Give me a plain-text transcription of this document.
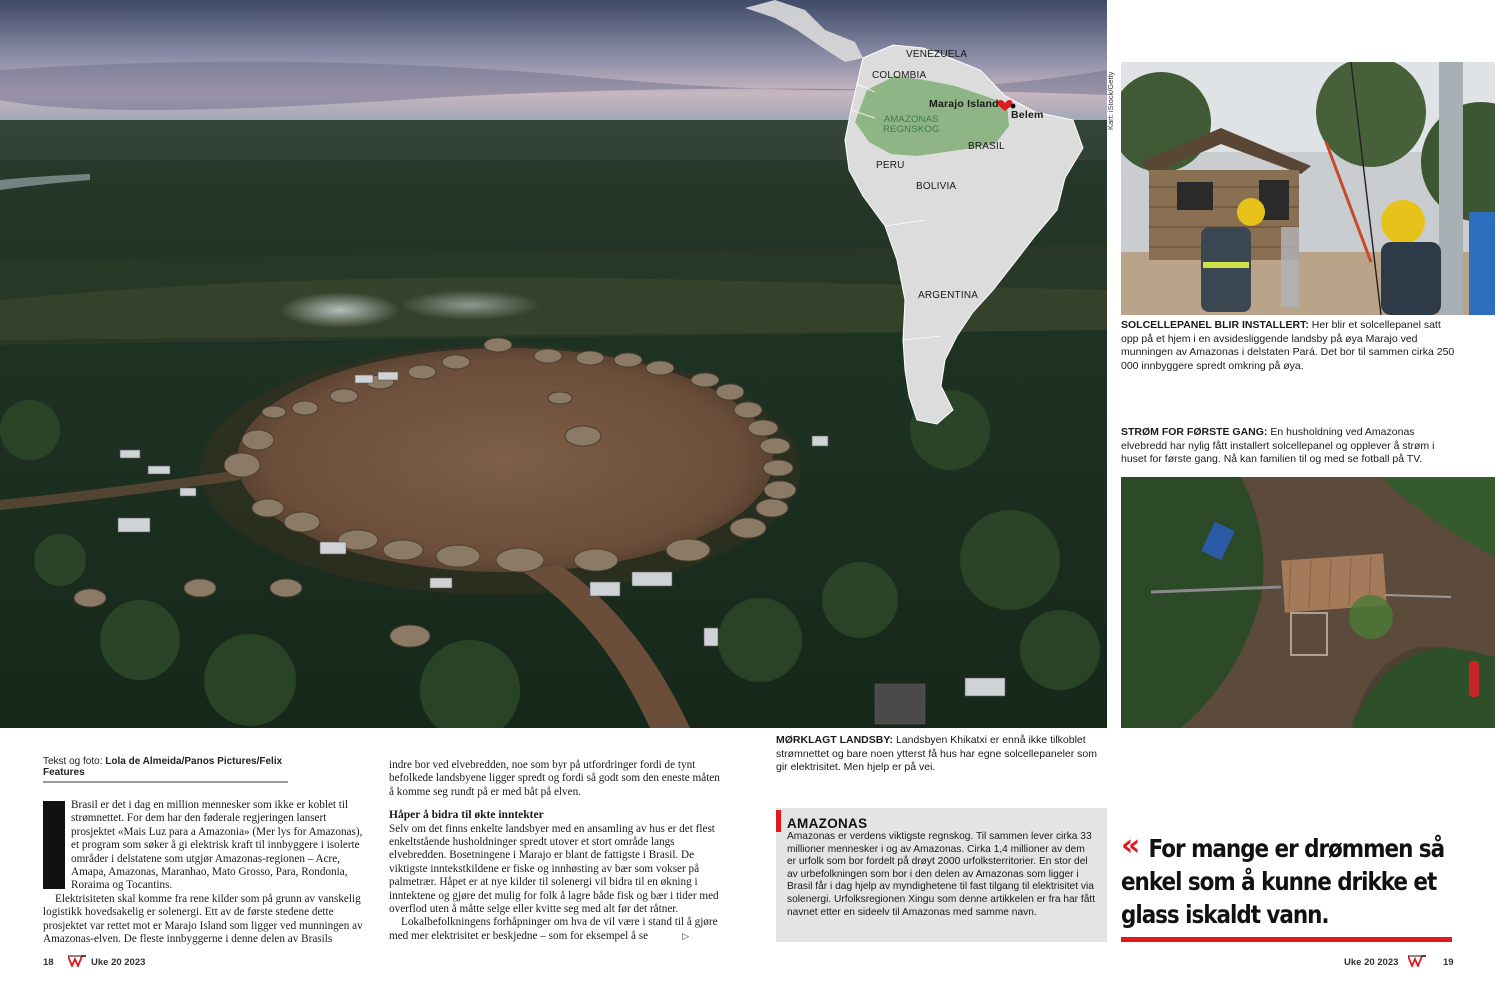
VENEZUELA
COLOMBIA
Marajo Island
Belem
AMAZONAS
REGNSKOG
BRASIL
PERU
BOLIVIA
ARGENTINA
Kart: iStock/Getty
SOLCELLEPANEL BLIR INSTALLERT: Her blir et solcellepanel satt opp på et hjem i en avsidesliggende landsby på øya Marajo ved munningen av Amazonas i delstaten Pará. Det bor til sammen cirka 250 000 innbyggere spredt omkring på øya.
STRØM FOR FØRSTE GANG: En husholdning ved Amazonas elvebredd har nylig fått installert solcellepanel og opplever å strøm i huset for første gang. Nå kan familien til og med se fotball på TV.
MØRKLAGT LANDSBY: Landsbyen Khikatxi er ennå ikke tilkoblet strømnettet og bare noen ytterst få hus har egne solcellepaneler som gir elektrisitet. Men hjelp er på vei.
Tekst og foto: Lola de Almeida/Panos Pictures/Felix Features

Brasil er det i dag en million mennesker som ikke er koblet til strømnettet. For dem har den føderale regjeringen lansert prosjektet «Mais Luz para a Amazonia» (Mer lys for Amazonas), et program som søker å gi elektrisk kraft til innbyggere i isolerte områder i delstatene som utgjør Amazonas-regionen – Acre, Amapa, Amazonas, Maranhao, Mato Grosso, Para, Rondonia, Roraima og Tocantins.

Elektrisiteten skal komme fra rene kilder som på grunn av vanskelig logistikk hovedsakelig er solenergi. Ett av de første stedene dette prosjektet var rettet mot er Marajo Island som ligger ved munningen av Amazonas-elven. De fleste innbyggerne i denne delen av Brasils

indre bor ved elvebredden, noe som byr på utfordringer fordi de tynt befolkede landsbyene ligger spredt og fordi så godt som den eneste måten å komme seg rundt på er med båt på elven.

Håper å bidra til økte inntekter

Selv om det finns enkelte landsbyer med en ansamling av hus er det flest enkeltstående husholdninger spredt utover et stort område langs elvebredden. Bosetningene i Marajo er blant de fattigste i Brasil. De viktigste inntekstkildene er fiske og innhøsting av bær som vokser på palmetrær. Håpet er at nye kilder til solenergi vil bidra til en økning i inntektene og gjøre det mulig for folk å lagre både fisk og bær i tider med overflod uten å måtte selge eller kvitte seg med alt før det råtner.

Lokalbefolkningens forhåpninger om hva de vil være i stand til å gjøre med mer elektrisitet er beskjedne – som for eksempel å se	▷

AMAZONAS

Amazonas er verdens viktigste regnskog. Til sammen lever cirka 33 millioner mennesker i og av Amazonas. Cirka 1,4 millioner av dem er urfolk som bor fordelt på drøyt 2000 urfolksterritorier. En stor del av urbefolkningen som bor i den delen av Amazonas som ligger i Brasil får i dag hjelp av myndighetene til fast tilgang til elektrisitet via solenergi. Urfolksregionen Xingu som denne artikkelen er fra har fått navnet etter en sideelv til Amazonas med samme navn.

« For mange er drømmen så enkel som å kunne drikke et glass iskaldt vann.
18	Uke 20 2023	Uke 20 2023	19
